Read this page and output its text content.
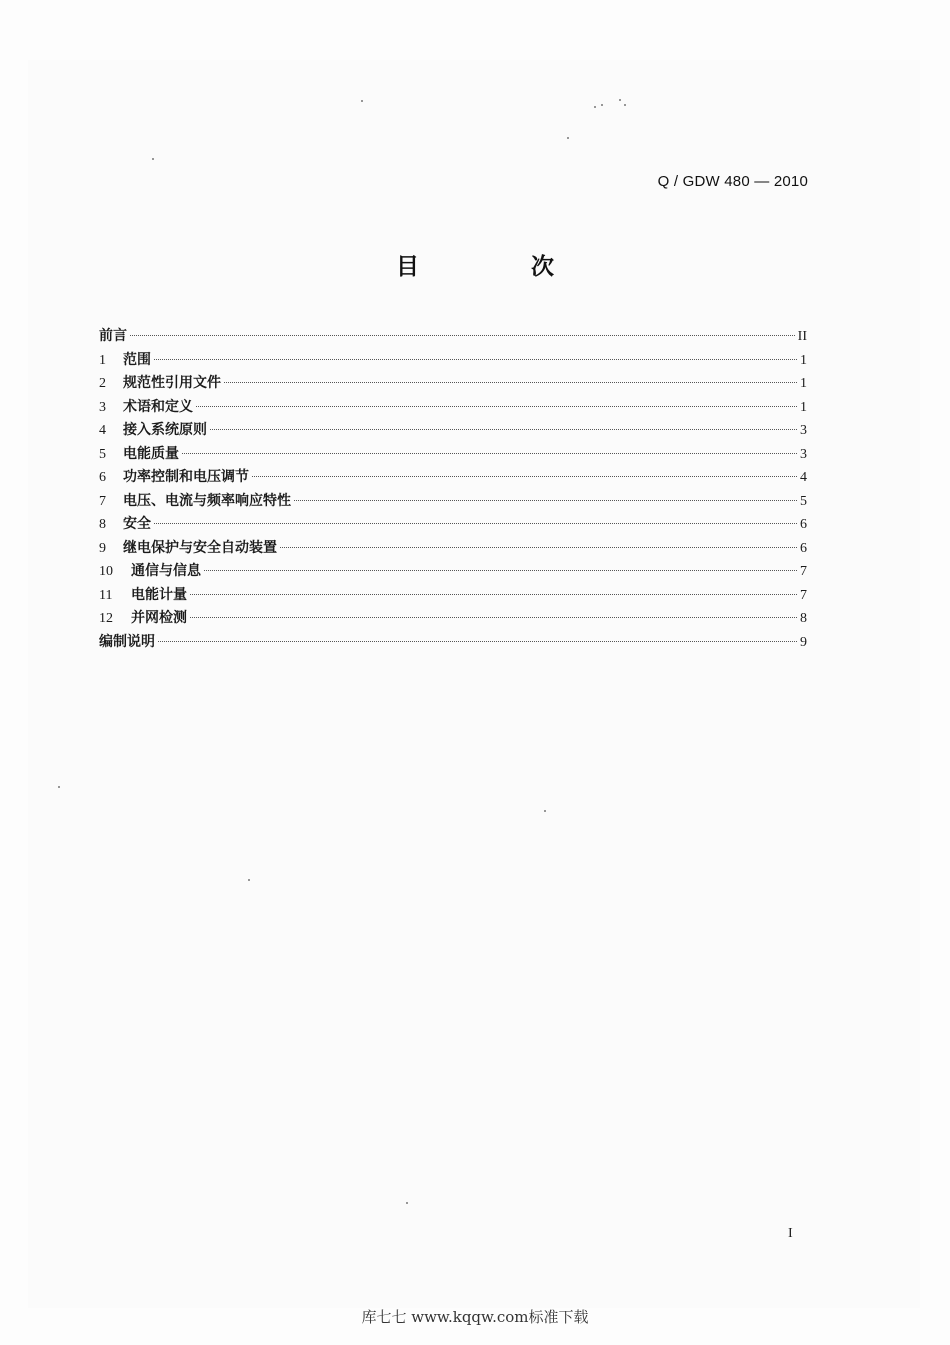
Q / GDW 480 — 2010
目 次
前言	II
1	范围	1
2	规范性引用文件	1
3	术语和定义	1
4	接入系统原则	3
5	电能质量	3
6	功率控制和电压调节	4
7	电压、电流与频率响应特性	5
8	安全	6
9	继电保护与安全自动装置	6
10	通信与信息	7
11	电能计量	7
12	并网检测	8
编制说明	9
I
库七七 www.kqqw.com标准下载
